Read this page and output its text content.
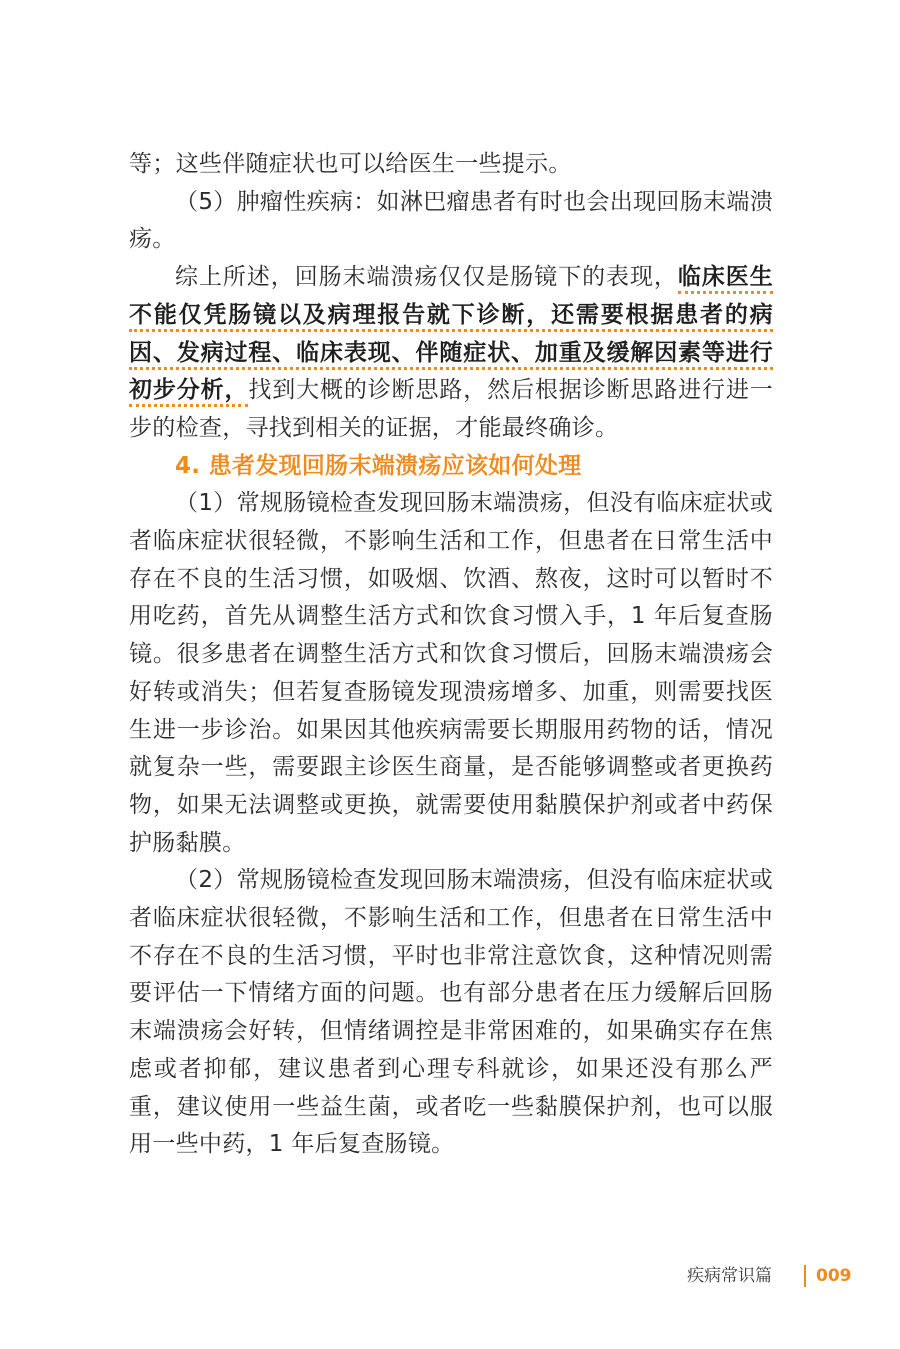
等；这些伴随症状也可以给医生一些提示。

（5）肿瘤性疾病：如淋巴瘤患者有时也会出现回肠末端溃疡。

综上所述，回肠末端溃疡仅仅是肠镜下的表现，临床医生不能仅凭肠镜以及病理报告就下诊断，还需要根据患者的病因、发病过程、临床表现、伴随症状、加重及缓解因素等进行初步分析，找到大概的诊断思路，然后根据诊断思路进行进一步的检查，寻找到相关的证据，才能最终确诊。

4. 患者发现回肠末端溃疡应该如何处理

（1）常规肠镜检查发现回肠末端溃疡，但没有临床症状或者临床症状很轻微，不影响生活和工作，但患者在日常生活中存在不良的生活习惯，如吸烟、饮酒、熬夜，这时可以暂时不用吃药，首先从调整生活方式和饮食习惯入手，1 年后复查肠镜。很多患者在调整生活方式和饮食习惯后，回肠末端溃疡会好转或消失；但若复查肠镜发现溃疡增多、加重，则需要找医生进一步诊治。如果因其他疾病需要长期服用药物的话，情况就复杂一些，需要跟主诊医生商量，是否能够调整或者更换药物，如果无法调整或更换，就需要使用黏膜保护剂或者中药保护肠黏膜。

（2）常规肠镜检查发现回肠末端溃疡，但没有临床症状或者临床症状很轻微，不影响生活和工作，但患者在日常生活中不存在不良的生活习惯，平时也非常注意饮食，这种情况则需要评估一下情绪方面的问题。也有部分患者在压力缓解后回肠末端溃疡会好转，但情绪调控是非常困难的，如果确实存在焦虑或者抑郁，建议患者到心理专科就诊，如果还没有那么严重，建议使用一些益生菌，或者吃一些黏膜保护剂，也可以服用一些中药，1 年后复查肠镜。

疾病常识篇	009
